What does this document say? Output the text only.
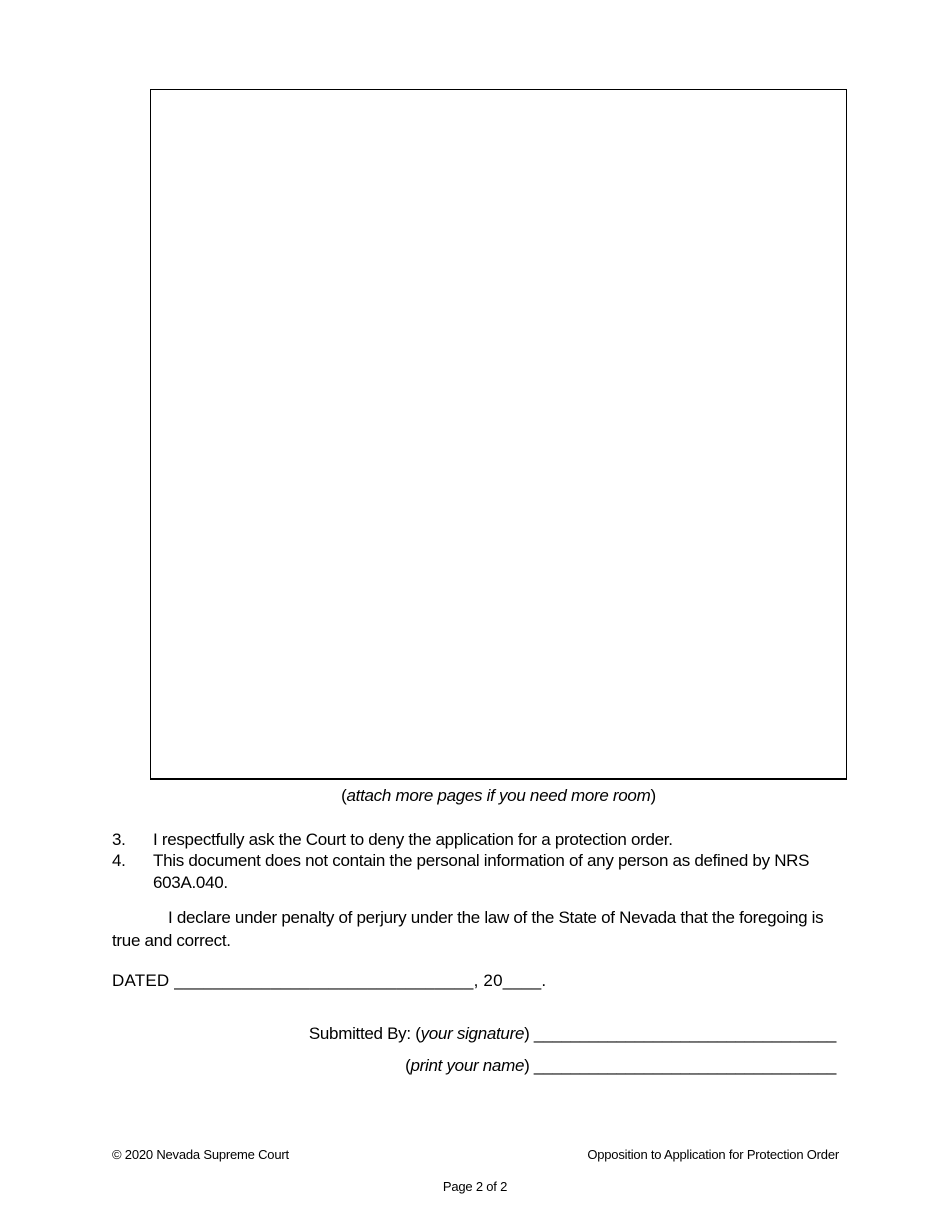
(attach more pages if you need more room)
3. I respectfully ask the Court to deny the application for a protection order.
4. This document does not contain the personal information of any person as defined by NRS 603A.040.
I declare under penalty of perjury under the law of the State of Nevada that the foregoing is true and correct.
DATED _______________________________, 20____.
Submitted By: (your signature) _________________________________
(print your name) _________________________________
© 2020 Nevada Supreme Court	Opposition to Application for Protection Order
Page 2 of 2
